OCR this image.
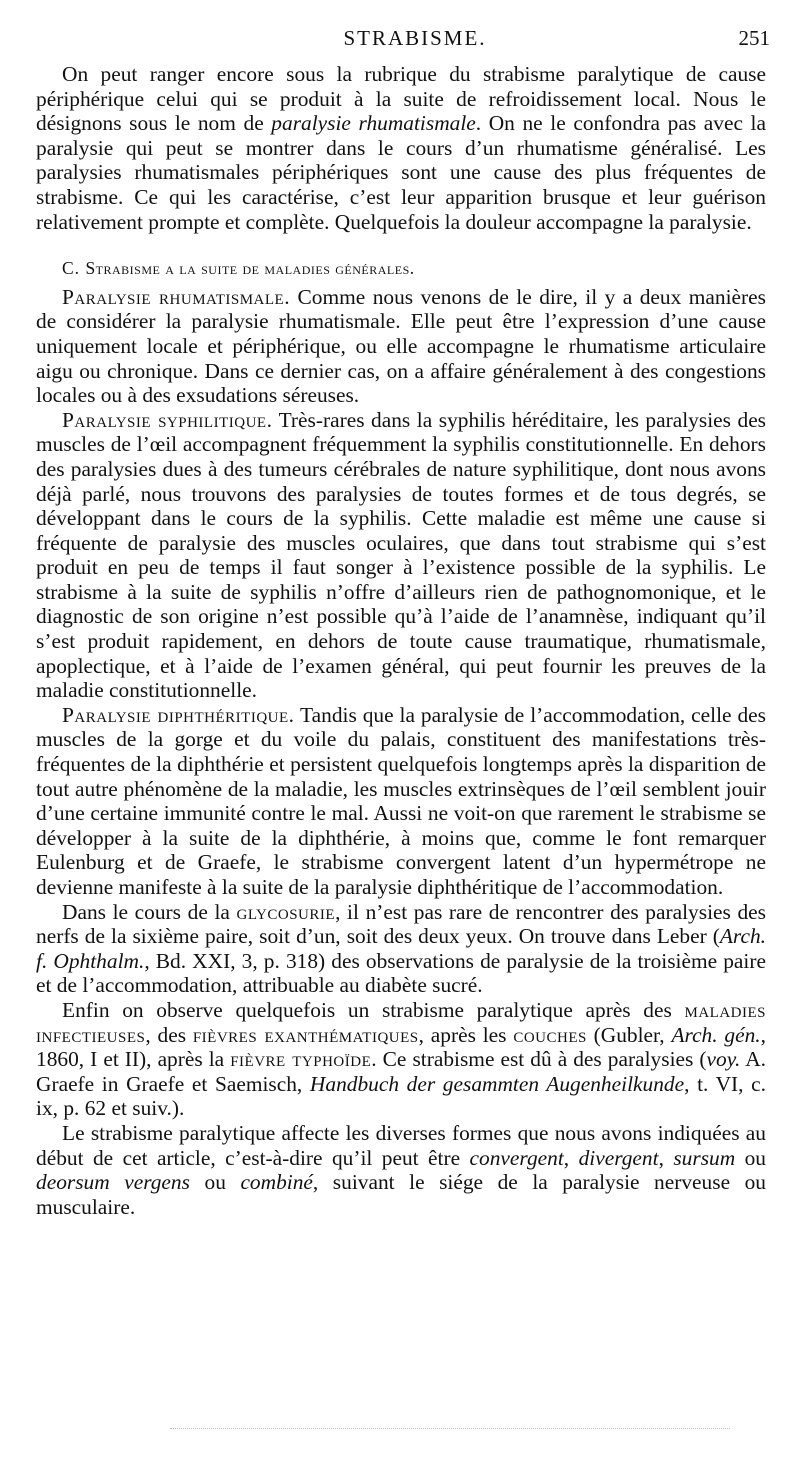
STRABISME.	251

On peut ranger encore sous la rubrique du strabisme paralytique de cause périphérique celui qui se produit à la suite de refroidissement local. Nous le désignons sous le nom de paralysie rhumatismale. On ne le confondra pas avec la paralysie qui peut se montrer dans le cours d’un rhumatisme généralisé. Les paralysies rhumatismales périphériques sont une cause des plus fréquentes de strabisme. Ce qui les caractérise, c’est leur apparition brusque et leur guérison relativement prompte et complète. Quelquefois la douleur accompagne la paralysie.

C. Strabisme a la suite de maladies générales.

Paralysie rhumatismale. Comme nous venons de le dire, il y a deux manières de considérer la paralysie rhumatismale. Elle peut être l’expression d’une cause uniquement locale et périphérique, ou elle accompagne le rhumatisme articulaire aigu ou chronique. Dans ce dernier cas, on a affaire généralement à des congestions locales ou à des exsudations séreuses.

Paralysie syphilitique. Très-rares dans la syphilis héréditaire, les paralysies des muscles de l’œil accompagnent fréquemment la syphilis constitutionnelle. En dehors des paralysies dues à des tumeurs cérébrales de nature syphilitique, dont nous avons déjà parlé, nous trouvons des paralysies de toutes formes et de tous degrés, se développant dans le cours de la syphilis. Cette maladie est même une cause si fréquente de paralysie des muscles oculaires, que dans tout strabisme qui s’est produit en peu de temps il faut songer à l’existence possible de la syphilis. Le strabisme à la suite de syphilis n’offre d’ailleurs rien de pathognomonique, et le diagnostic de son origine n’est possible qu’à l’aide de l’anamnèse, indiquant qu’il s’est produit rapidement, en dehors de toute cause traumatique, rhumatismale, apoplectique, et à l’aide de l’examen général, qui peut fournir les preuves de la maladie constitutionnelle.

Paralysie diphthéritique. Tandis que la paralysie de l’accommodation, celle des muscles de la gorge et du voile du palais, constituent des manifestations très-fréquentes de la diphthérie et persistent quelquefois longtemps après la disparition de tout autre phénomène de la maladie, les muscles extrinsèques de l’œil semblent jouir d’une certaine immunité contre le mal. Aussi ne voit-on que rarement le strabisme se développer à la suite de la diphthérie, à moins que, comme le font remarquer Eulenburg et de Graefe, le strabisme convergent latent d’un hypermétrope ne devienne manifeste à la suite de la paralysie diphthéritique de l’accommodation.

Dans le cours de la glycosurie, il n’est pas rare de rencontrer des paralysies des nerfs de la sixième paire, soit d’un, soit des deux yeux. On trouve dans Leber (Arch. f. Ophthalm., Bd. XXI, 3, p. 318) des observations de paralysie de la troisième paire et de l’accommodation, attribuable au diabète sucré.

Enfin on observe quelquefois un strabisme paralytique après des maladies infectieuses, des fièvres exanthématiques, après les couches (Gubler, Arch. gén., 1860, I et II), après la fièvre typhoïde. Ce strabisme est dû à des paralysies (voy. A. Graefe in Graefe et Saemisch, Handbuch der gesammten Augenheilkunde, t. VI, c. ix, p. 62 et suiv.).

Le strabisme paralytique affecte les diverses formes que nous avons indiquées au début de cet article, c’est-à-dire qu’il peut être convergent, divergent, sursum ou deorsum vergens ou combiné, suivant le siége de la paralysie nerveuse ou musculaire.
